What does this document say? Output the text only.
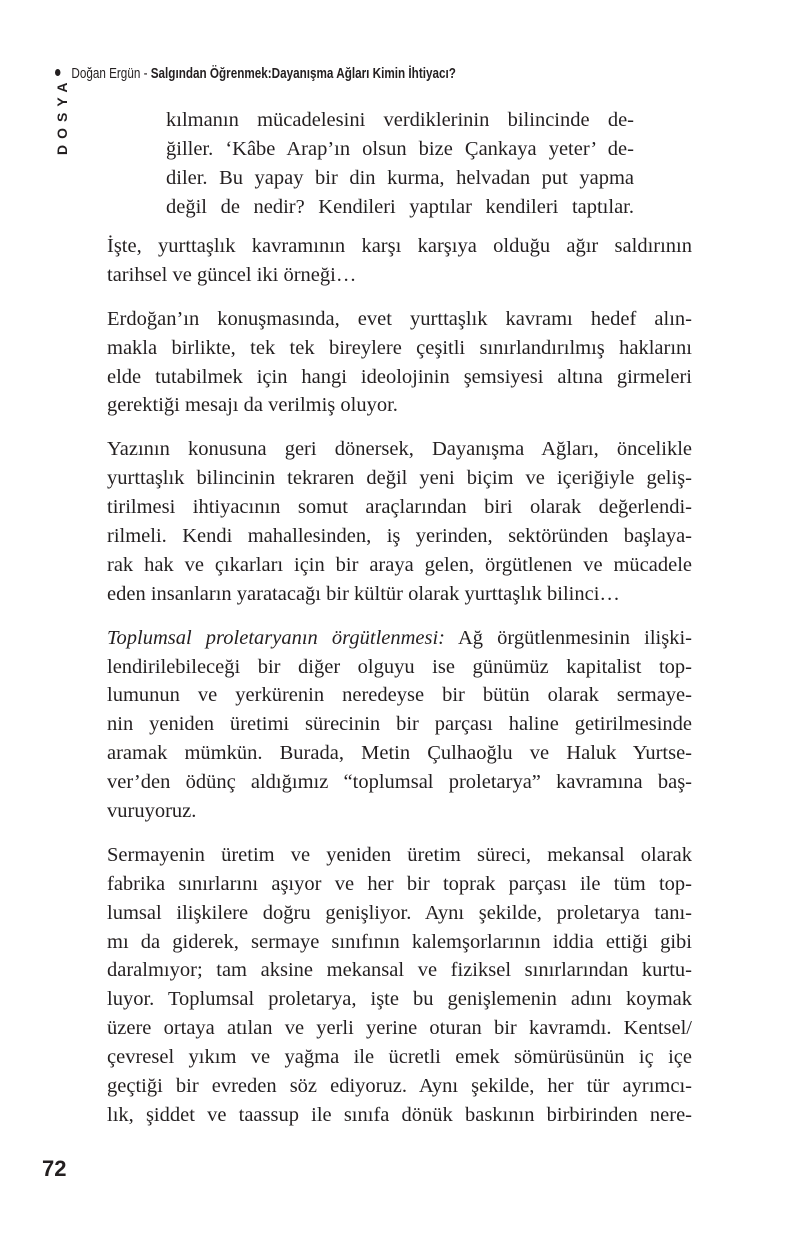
Doğan Ergün - Salgından Öğrenmek:Dayanışma Ağları Kimin İhtiyacı?
DOSYA	kılmanın mücadelesini verdiklerinin bilincinde de-
ğiller. ‘Kâbe Arap’ın olsun bize Çankaya yeter’ de-
diler. Bu yapay bir din kurma, helvadan put yapma
değil de nedir? Kendileri yaptılar kendileri taptılar.
İşte, yurttaşlık kavramının karşı karşıya olduğu ağır saldırının
tarihsel ve güncel iki örneği…
Erdoğan’ın konuşmasında, evet yurttaşlık kavramı hedef alın-
makla birlikte, tek tek bireylere çeşitli sınırlandırılmış haklarını
elde tutabilmek için hangi ideolojinin şemsiyesi altına girmeleri
gerektiği mesajı da verilmiş oluyor.
Yazının konusuna geri dönersek, Dayanışma Ağları, öncelikle
yurttaşlık bilincinin tekraren değil yeni biçim ve içeriğiyle geliş-
tirilmesi ihtiyacının somut araçlarından biri olarak değerlendi-
rilmeli. Kendi mahallesinden, iş yerinden, sektöründen başlaya-
rak hak ve çıkarları için bir araya gelen, örgütlenen ve mücadele
eden insanların yaratacağı bir kültür olarak yurttaşlık bilinci…
Toplumsal proletaryanın örgütlenmesi: Ağ örgütlenmesinin ilişki-
lendirilebileceği bir diğer olguyu ise günümüz kapitalist top-
lumunun ve yerkürenin neredeyse bir bütün olarak sermaye-
nin yeniden üretimi sürecinin bir parçası haline getirilmesinde
aramak mümkün. Burada, Metin Çulhaoğlu ve Haluk Yurtse-
ver’den ödünç aldığımız “toplumsal proletarya” kavramına baş-
vuruyoruz.
Sermayenin üretim ve yeniden üretim süreci, mekansal olarak
fabrika sınırlarını aşıyor ve her bir toprak parçası ile tüm top-
lumsal ilişkilere doğru genişliyor. Aynı şekilde, proletarya tanı-
mı da giderek, sermaye sınıfının kalemşorlarının iddia ettiği gibi
daralmıyor; tam aksine mekansal ve fiziksel sınırlarından kurtu-
luyor. Toplumsal proletarya, işte bu genişlemenin adını koymak
üzere ortaya atılan ve yerli yerine oturan bir kavramdı. Kentsel/
çevresel yıkım ve yağma ile ücretli emek sömürüsünün iç içe
geçtiği bir evreden söz ediyoruz. Aynı şekilde, her tür ayrımcı-
lık, şiddet ve taassup ile sınıfa dönük baskının birbirinden nere-
72
